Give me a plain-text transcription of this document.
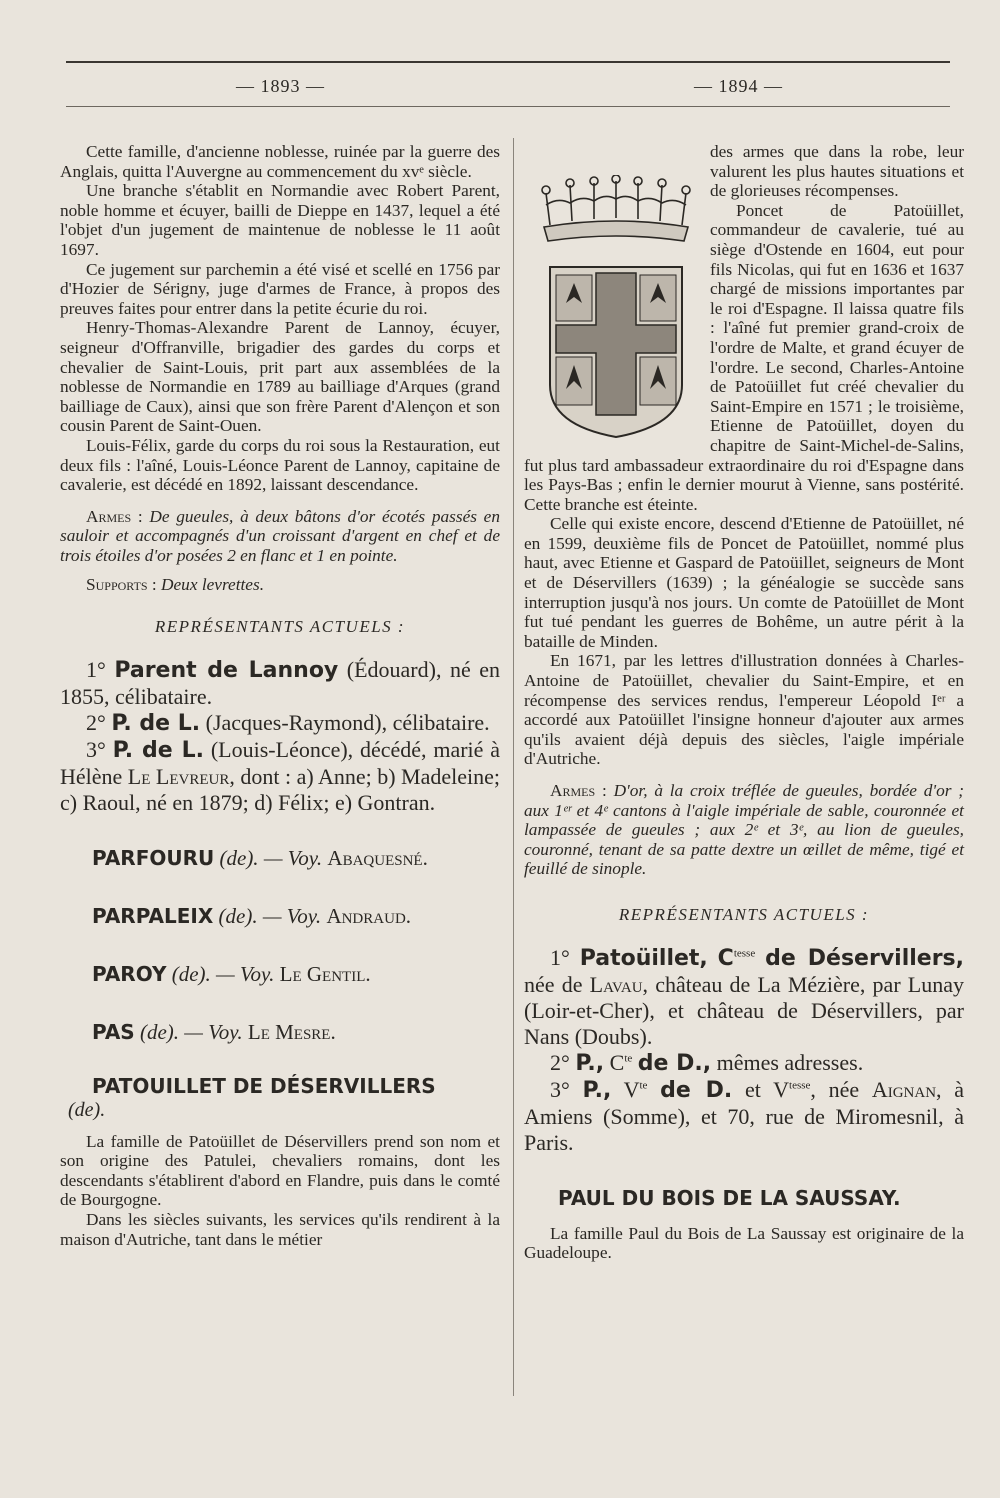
— 1893 —	— 1894 —

Cette famille, d'ancienne noblesse, ruinée par la guerre des Anglais, quitta l'Auvergne au commencement du xvᵉ siècle.

Une branche s'établit en Normandie avec Robert Parent, noble homme et écuyer, bailli de Dieppe en 1437, lequel a été l'objet d'un jugement de maintenue de noblesse le 11 août 1697.

Ce jugement sur parchemin a été visé et scellé en 1756 par d'Hozier de Sérigny, juge d'armes de France, à propos des preuves faites pour entrer dans la petite écurie du roi.

Henry-Thomas-Alexandre Parent de Lannoy, écuyer, seigneur d'Offranville, brigadier des gardes du corps et chevalier de Saint-Louis, prit part aux assemblées de la noblesse de Normandie en 1789 au bailliage d'Arques (grand bailliage de Caux), ainsi que son frère Parent d'Alençon et son cousin Parent de Saint-Ouen.

Louis-Félix, garde du corps du roi sous la Restauration, eut deux fils : l'aîné, Louis-Léonce Parent de Lannoy, capitaine de cavalerie, est décédé en 1892, laissant descendance.

Armes : De gueules, à deux bâtons d'or écotés passés en sauloir et accompagnés d'un croissant d'argent en chef et de trois étoiles d'or posées 2 en flanc et 1 en pointe.

Supports : Deux levrettes.

REPRÉSENTANTS ACTUELS :

1° Parent de Lannoy (Édouard), né en 1855, célibataire.

2° P. de L. (Jacques-Raymond), célibataire.

3° P. de L. (Louis-Léonce), décédé, marié à Hélène Le Levreur, dont : a) Anne; b) Madeleine; c) Raoul, né en 1879; d) Félix; e) Gontran.

PARFOURU (de). — Voy. Abaquesné.

PARPALEIX (de). — Voy. Andraud.

PAROY (de). — Voy. Le Gentil.

PAS (de). — Voy. Le Mesre.

PATOUILLET DE DÉSERVILLERS

(de).

La famille de Patoüillet de Déservillers prend son nom et son origine des Patulei, chevaliers romains, dont les descendants s'établirent d'abord en Flandre, puis dans le comté de Bourgogne.

Dans les siècles suivants, les services qu'ils rendirent à la maison d'Autriche, tant dans le métier

des armes que dans la robe, leur valurent les plus hautes situations et de glorieuses récompenses.

Poncet de Patoüillet, commandeur de cavalerie, tué au siège d'Ostende en 1604, eut pour fils Nicolas, qui fut en 1636 et 1637 chargé de missions importantes par le roi d'Espagne. Il laissa quatre fils : l'aîné fut premier grand-croix de l'ordre de Malte, et grand écuyer de l'ordre. Le second, Charles-Antoine de Patoüillet fut créé chevalier du Saint-Empire en 1571 ; le troisième, Etienne de Patoüillet, doyen du chapitre de Saint-Michel-de-Salins, fut plus tard ambassadeur extraordinaire du roi d'Espagne dans les Pays-Bas ; enfin le dernier mourut à Vienne, sans postérité. Cette branche est éteinte.

Celle qui existe encore, descend d'Etienne de Patoüillet, né en 1599, deuxième fils de Poncet de Patoüillet, nommé plus haut, avec Etienne et Gaspard de Patoüillet, seigneurs de Mont et de Déservillers (1639) ; la généalogie se succède sans interruption jusqu'à nos jours. Un comte de Patoüillet de Mont fut tué pendant les guerres de Bohême, un autre périt à la bataille de Minden.

En 1671, par les lettres d'illustration données à Charles-Antoine de Patoüillet, chevalier du Saint-Empire, et en récompense des services rendus, l'empereur Léopold Iᵉʳ a accordé aux Patoüillet l'insigne honneur d'ajouter aux armes qu'ils avaient déjà depuis des siècles, l'aigle impériale d'Autriche.

Armes : D'or, à la croix tréflée de gueules, bordée d'or ; aux 1ᵉʳ et 4ᵉ cantons à l'aigle impériale de sable, couronnée et lampassée de gueules ; aux 2ᵉ et 3ᵉ, au lion de gueules, couronné, tenant de sa patte dextre un œillet de même, tigé et feuillé de sinople.

REPRÉSENTANTS ACTUELS :

1° Patoüillet, $C^{tesse}$ de Déservillers, née de Lavau, château de La Mézière, par Lunay (Loir-et-Cher), et château de Déservillers, par Nans (Doubs).

2° P., $C^{te}$ de D., mêmes adresses.

3° P., $V^{te}$ de D. et $V^{tesse}$, née Aignan, à Amiens (Somme), et 70, rue de Miromesnil, à Paris.

PAUL DU BOIS DE LA SAUSSAY.

La famille Paul du Bois de La Saussay est originaire de la Guadeloupe.
